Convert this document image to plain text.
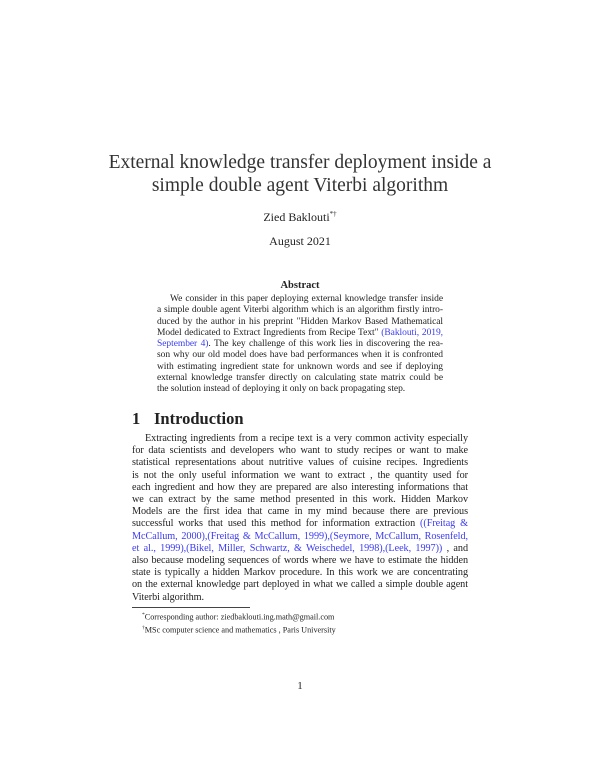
External knowledge transfer deployment inside a
simple double agent Viterbi algorithm
Zied Baklouti*†
August 2021
Abstract
We consider in this paper deploying external knowledge transfer inside
a simple double agent Viterbi algorithm which is an algorithm firstly intro-
duced by the author in his preprint "Hidden Markov Based Mathematical
Model dedicated to Extract Ingredients from Recipe Text" (Baklouti, 2019,
September 4). The key challenge of this work lies in discovering the rea-
son why our old model does have bad performances when it is confronted
with estimating ingredient state for unknown words and see if deploying
external knowledge transfer directly on calculating state matrix could be
the solution instead of deploying it only on back propagating step.
1 Introduction
Extracting ingredients from a recipe text is a very common activity especially
for data scientists and developers who want to study recipes or want to make
statistical representations about nutritive values of cuisine recipes. Ingredients
is not the only useful information we want to extract , the quantity used for
each ingredient and how they are prepared are also interesting informations that
we can extract by the same method presented in this work. Hidden Markov
Models are the first idea that came in my mind because there are previous
successful works that used this method for information extraction ((Freitag &
McCallum, 2000),(Freitag & McCallum, 1999),(Seymore, McCallum, Rosenfeld,
et al., 1999),(Bikel, Miller, Schwartz, & Weischedel, 1998),(Leek, 1997)) , and
also because modeling sequences of words where we have to estimate the hidden
state is typically a hidden Markov procedure. In this work we are concentrating
on the external knowledge part deployed in what we called a simple double agent
Viterbi algorithm.
*Corresponding author: ziedbaklouti.ing.math@gmail.com
†MSc computer science and mathematics , Paris University
1
